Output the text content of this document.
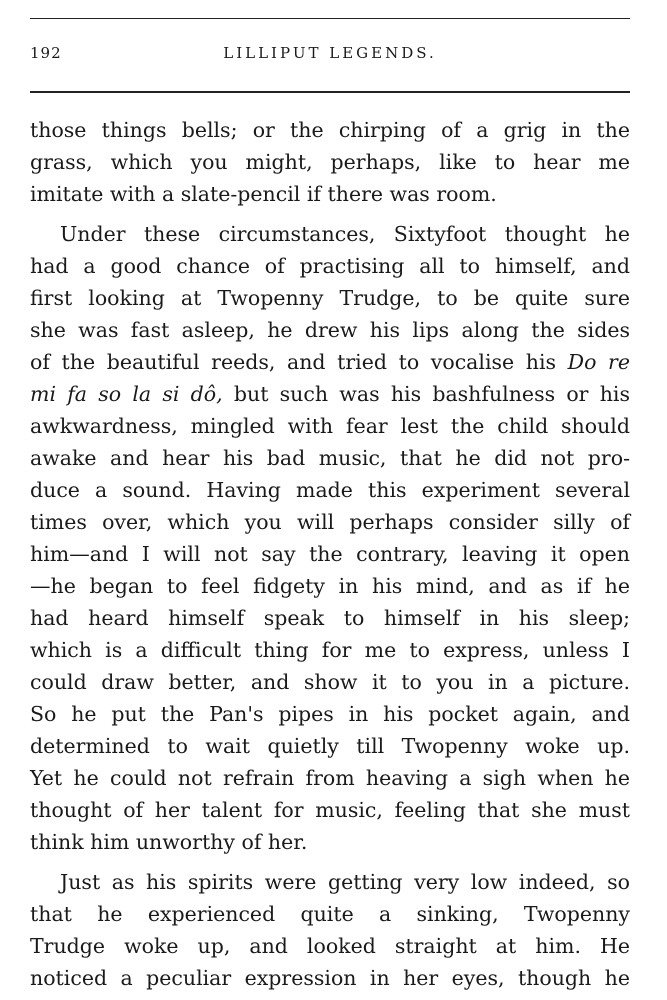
192	LILLIPUT LEGENDS.

those things bells; or the chirping of a grig in the
grass, which you might, perhaps, like to hear me
imitate with a slate-pencil if there was room.

Under these circumstances, Sixtyfoot thought he
had a good chance of practising all to himself, and
first looking at Twopenny Trudge, to be quite sure
she was fast asleep, he drew his lips along the sides
of the beautiful reeds, and tried to vocalise his Do re
mi fa so la si dô, but such was his bashfulness or his
awkwardness, mingled with fear lest the child should
awake and hear his bad music, that he did not pro-
duce a sound. Having made this experiment several
times over, which you will perhaps consider silly of
him—and I will not say the contrary, leaving it open
—he began to feel fidgety in his mind, and as if he
had heard himself speak to himself in his sleep;
which is a difficult thing for me to express, unless I
could draw better, and show it to you in a picture.
So he put the Pan's pipes in his pocket again, and
determined to wait quietly till Twopenny woke up.
Yet he could not refrain from heaving a sigh when he
thought of her talent for music, feeling that she must
think him unworthy of her.

Just as his spirits were getting very low indeed, so
that he experienced quite a sinking, Twopenny
Trudge woke up, and looked straight at him. He
noticed a peculiar expression in her eyes, though he
